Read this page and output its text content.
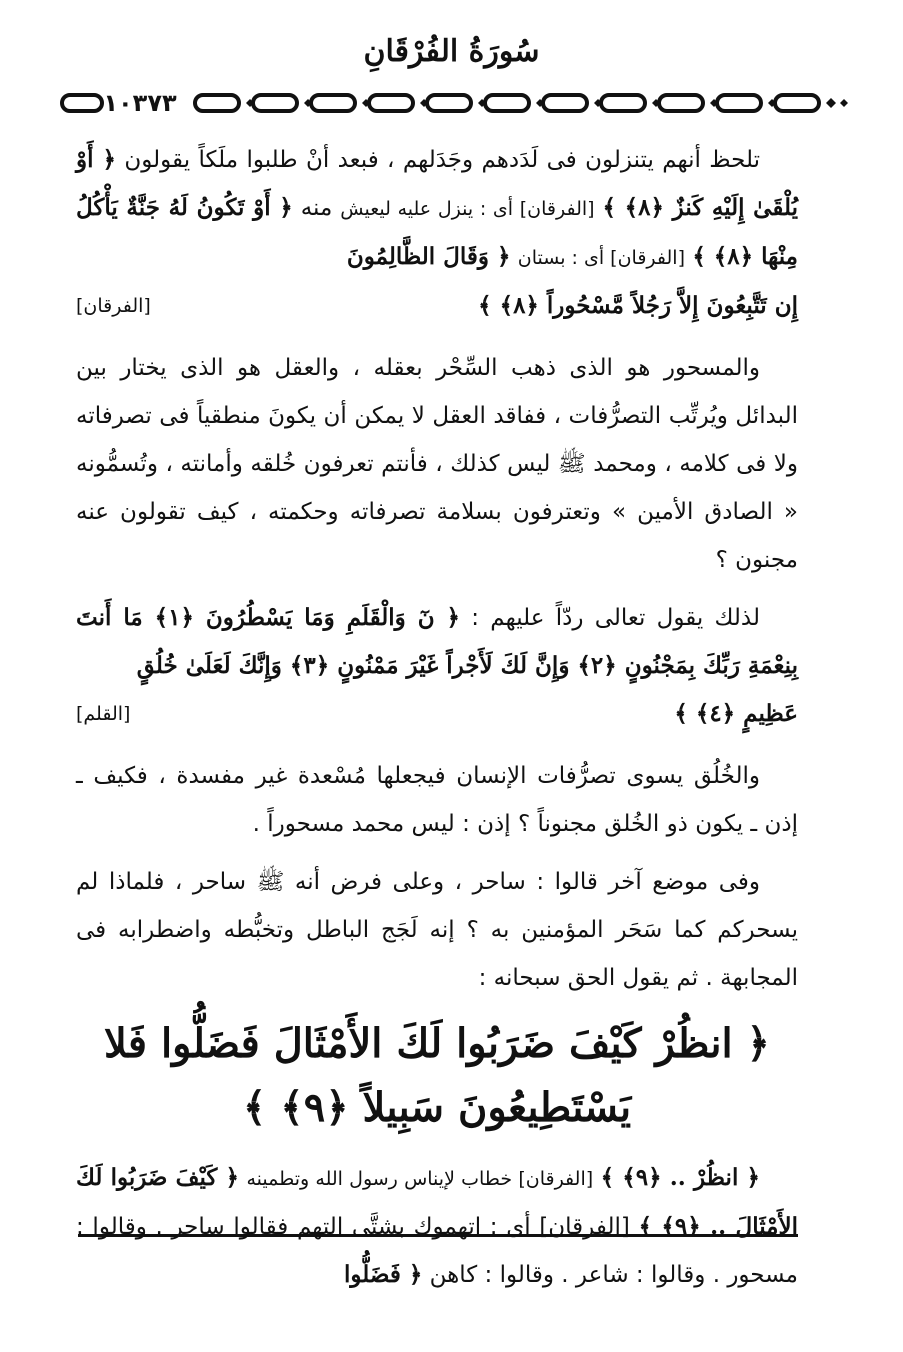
سُورَةُ الفُرْقَانِ
١٠٣٧٣

تلحظ أنهم يتنزلون فى لَدَدهم وجَدَلهم ، فبعد أنْ طلبوا ملَكاً يقولون ﴿ أَوْ يُلْقَىٰ إِلَيْهِ كَنزٌ ﴿٨﴾ ﴾ [الفرقان] أى : ينزل عليه ليعيش منه ﴿ أَوْ تَكُونُ لَهُ جَنَّةٌ يَأْكُلُ مِنْهَا ﴿٨﴾ ﴾ [الفرقان] أى : بستان ﴿ وَقَالَ الظَّالِمُونَ

إِن تَتَّبِعُونَ إِلاَّ رَجُلاً مَّسْحُوراً ﴿٨﴾ ﴾
[الفرقان]

والمسحور هو الذى ذهب السِّحْر بعقله ، والعقل هو الذى يختار بين البدائل ويُرتِّب التصرُّفات ، ففاقد العقل لا يمكن أن يكونَ منطقياً فى تصرفاته ولا فى كلامه ، ومحمد ﷺ ليس كذلك ، فأنتم تعرفون خُلقه وأمانته ، وتُسمُّونه « الصادق الأمين » وتعترفون بسلامة تصرفاته وحكمته ، كيف تقولون عنه مجنون ؟

لذلك يقول تعالى ردّاً عليهم : ﴿ نٓ وَالْقَلَمِ وَمَا يَسْطُرُونَ ﴿١﴾ مَا أَنتَ بِنِعْمَةِ رَبِّكَ بِمَجْنُونٍ ﴿٢﴾ وَإِنَّ لَكَ لَأَجْراً غَيْرَ مَمْنُونٍ ﴿٣﴾ وَإِنَّكَ لَعَلَىٰ خُلُقٍ

عَظِيمٍ ﴿٤﴾ ﴾
[القلم]

والخُلُق يسوى تصرُّفات الإنسان فيجعلها مُسْعدة غير مفسدة ، فكيف ـ إذن ـ يكون ذو الخُلق مجنوناً ؟ إذن : ليس محمد مسحوراً .

وفى موضع آخر قالوا : ساحر ، وعلى فرض أنه ﷺ ساحر ، فلماذا لم يسحركم كما سَحَر المؤمنين به ؟ إنه لَجَج الباطل وتخبُّطه واضطرابه فى المجابهة . ثم يقول الحق سبحانه :

﴿ انظُرْ كَيْفَ ضَرَبُوا لَكَ الأَمْثَالَ فَضَلُّوا فَلا
يَسْتَطِيعُونَ سَبِيلاً ﴿٩﴾ ﴾

﴿ انظُرْ .. ﴿٩﴾ ﴾ [الفرقان] خطاب لإيناس رسول الله وتطمينه ﴿ كَيْفَ ضَرَبُوا لَكَ الأَمْثَالَ .. ﴿٩﴾ ﴾ [الفرقان] أى : اتهموك بشتَّى التهم فقالوا ساحر . وقالوا : مسحور . وقالوا : شاعر . وقالوا : كاهن ﴿ فَضَلُّوا
